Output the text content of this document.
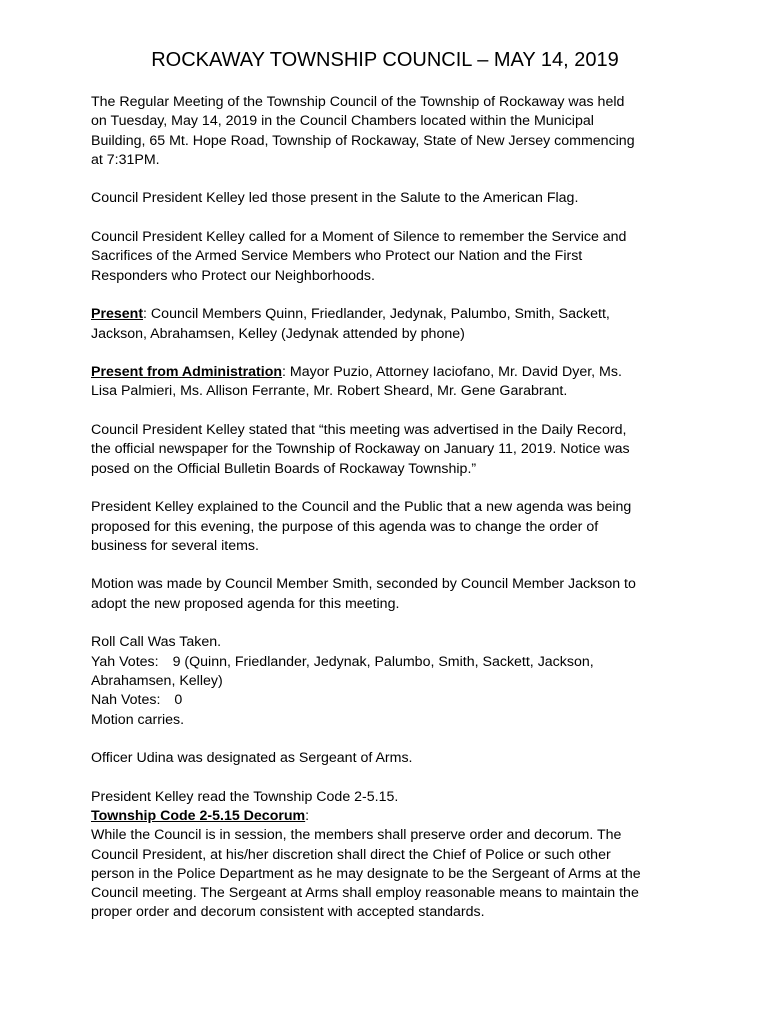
ROCKAWAY TOWNSHIP COUNCIL – MAY 14, 2019

The Regular Meeting of the Township Council of the Township of Rockaway was held
on Tuesday, May 14, 2019 in the Council Chambers located within the Municipal
Building, 65 Mt. Hope Road, Township of Rockaway, State of New Jersey commencing
at 7:31PM.

Council President Kelley led those present in the Salute to the American Flag.

Council President Kelley called for a Moment of Silence to remember the Service and
Sacrifices of the Armed Service Members who Protect our Nation and the First
Responders who Protect our Neighborhoods.

Present: Council Members Quinn, Friedlander, Jedynak, Palumbo, Smith, Sackett,
Jackson, Abrahamsen, Kelley (Jedynak attended by phone)

Present from Administration: Mayor Puzio, Attorney Iaciofano, Mr. David Dyer, Ms.
Lisa Palmieri, Ms. Allison Ferrante, Mr. Robert Sheard, Mr. Gene Garabrant.

Council President Kelley stated that “this meeting was advertised in the Daily Record,
the official newspaper for the Township of Rockaway on January 11, 2019. Notice was
posed on the Official Bulletin Boards of Rockaway Township.”

President Kelley explained to the Council and the Public that a new agenda was being
proposed for this evening, the purpose of this agenda was to change the order of
business for several items.

Motion was made by Council Member Smith, seconded by Council Member Jackson to
adopt the new proposed agenda for this meeting.

Roll Call Was Taken.
Yah Votes: 9 (Quinn, Friedlander, Jedynak, Palumbo, Smith, Sackett, Jackson,
Abrahamsen, Kelley)
Nah Votes: 0
Motion carries.

Officer Udina was designated as Sergeant of Arms.

President Kelley read the Township Code 2-5.15.
Township Code 2-5.15 Decorum:
While the Council is in session, the members shall preserve order and decorum. The
Council President, at his/her discretion shall direct the Chief of Police or such other
person in the Police Department as he may designate to be the Sergeant of Arms at the
Council meeting. The Sergeant at Arms shall employ reasonable means to maintain the
proper order and decorum consistent with accepted standards.
